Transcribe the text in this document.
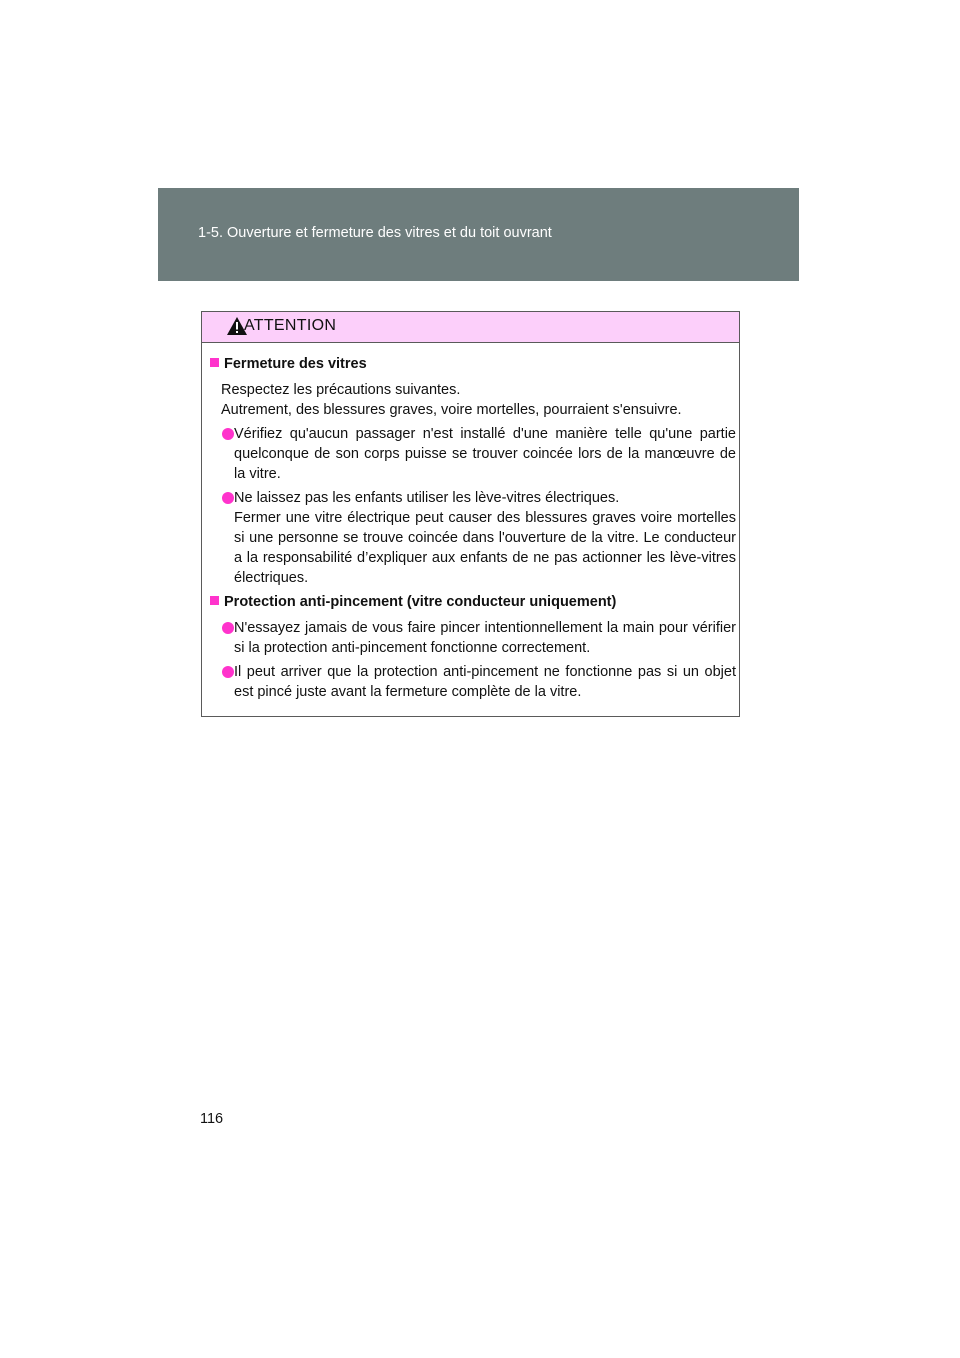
1-5. Ouverture et fermeture des vitres et du toit ouvrant
ATTENTION
Fermeture des vitres
Respectez les précautions suivantes.
Autrement, des blessures graves, voire mortelles, pourraient s'ensuivre.
Vérifiez qu'aucun passager n'est installé d'une manière telle qu'une partie quelconque de son corps puisse se trouver coincée lors de la manœuvre de la vitre.
Ne laissez pas les enfants utiliser les lève-vitres électriques.
Fermer une vitre électrique peut causer des blessures graves voire mortelles si une personne se trouve coincée dans l'ouverture de la vitre. Le conducteur a la responsabilité d’expliquer aux enfants de ne pas actionner les lève-vitres électriques.
Protection anti-pincement (vitre conducteur uniquement)
N'essayez jamais de vous faire pincer intentionnellement la main pour vérifier si la protection anti-pincement fonctionne correctement.
Il peut arriver que la protection anti-pincement ne fonctionne pas si un objet est pincé juste avant la fermeture complète de la vitre.
116
